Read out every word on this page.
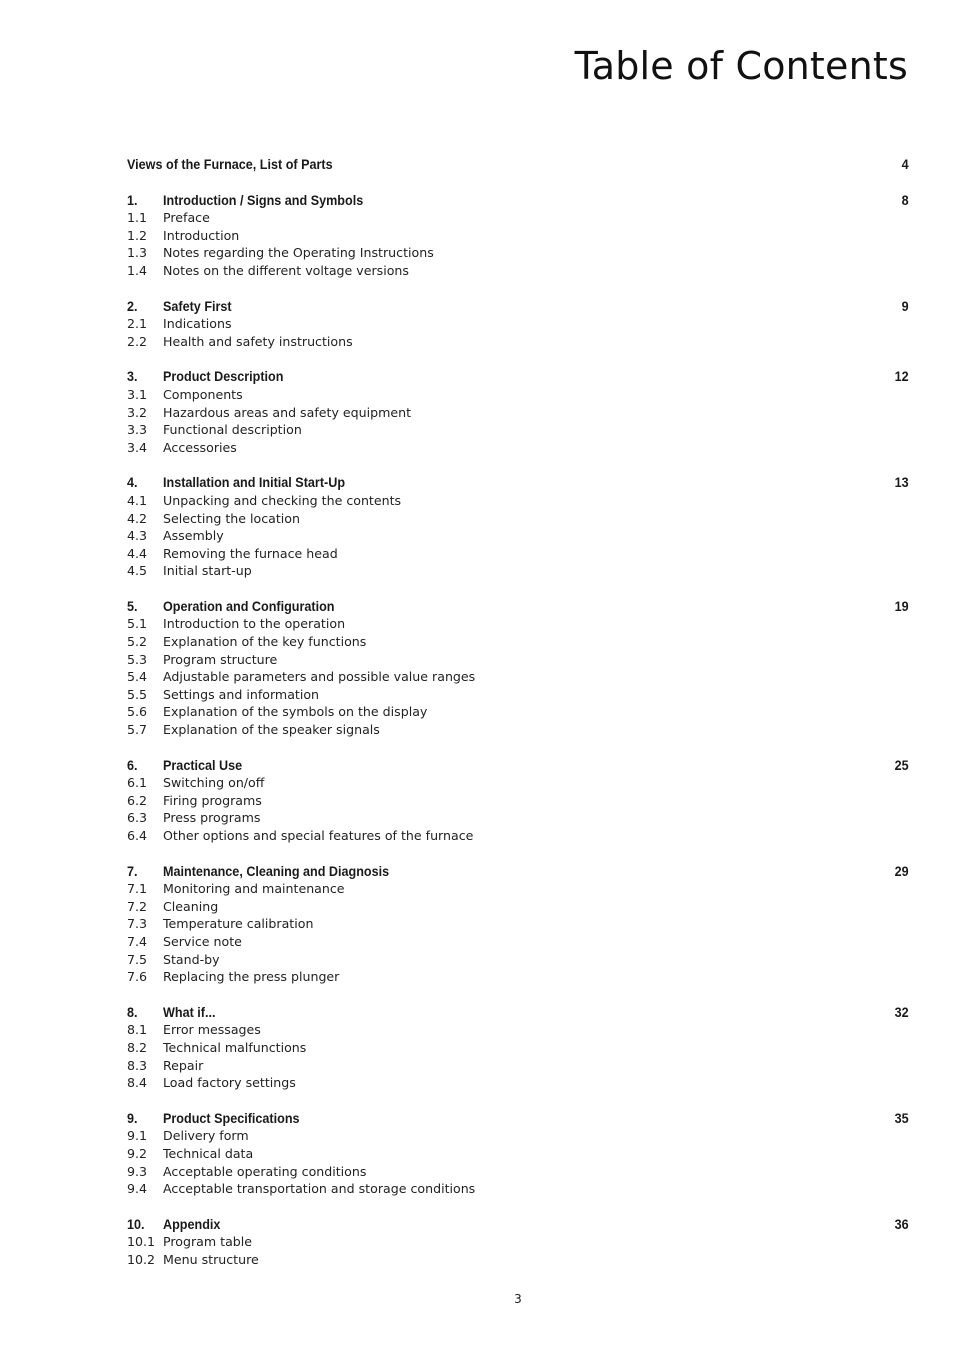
Table of Contents
Views of the Furnace, List of Parts	4
1.	Introduction / Signs and Symbols	8
1.1	Preface
1.2	Introduction
1.3	Notes regarding the Operating Instructions
1.4	Notes on the different voltage versions
2.	Safety First	9
2.1	Indications
2.2	Health and safety instructions
3.	Product Description	12
3.1	Components
3.2	Hazardous areas and safety equipment
3.3	Functional description
3.4	Accessories
4.	Installation and Initial Start-Up	13
4.1	Unpacking and checking the contents
4.2	Selecting the location
4.3	Assembly
4.4	Removing the furnace head
4.5	Initial start-up
5.	Operation and Configuration	19
5.1	Introduction to the operation
5.2	Explanation of the key functions
5.3	Program structure
5.4	Adjustable parameters and possible value ranges
5.5	Settings and information
5.6	Explanation of the symbols on the display
5.7	Explanation of the speaker signals
6.	Practical Use	25
6.1	Switching on/off
6.2	Firing programs
6.3	Press programs
6.4	Other options and special features of the furnace
7.	Maintenance, Cleaning and Diagnosis	29
7.1	Monitoring and maintenance
7.2	Cleaning
7.3	Temperature calibration
7.4	Service note
7.5	Stand-by
7.6	Replacing the press plunger
8.	What if...	32
8.1	Error messages
8.2	Technical malfunctions
8.3	Repair
8.4	Load factory settings
9.	Product Specifications	35
9.1	Delivery form
9.2	Technical data
9.3	Acceptable operating conditions
9.4	Acceptable transportation and storage conditions
10.	Appendix	36
10.1 Program table
10.2 Menu structure
3
